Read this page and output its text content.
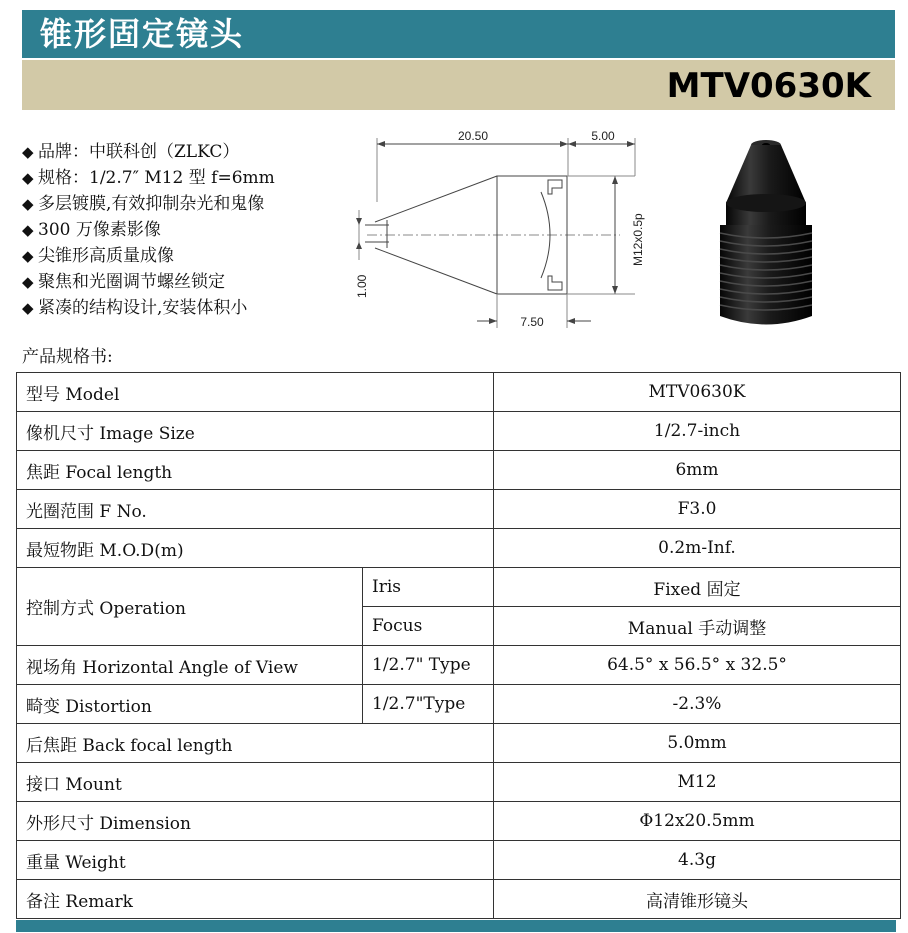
锥形固定镜头
MTV0630K
◆ 品牌：中联科创（ZLKC）
◆ 规格：1/2.7″ M12 型 f=6mm
◆ 多层镀膜,有效抑制杂光和鬼像
◆ 300 万像素影像
◆ 尖锥形高质量成像
◆ 聚焦和光圈调节螺丝锁定
◆ 紧凑的结构设计,安装体积小
20.50	5.00
1.00
M12x0.5p
7.50
产品规格书:
型号 Model		MTV0630K
像机尺寸 Image Size		1/2.7-inch
焦距 Focal length		6mm
光圈范围 F No.		F3.0
最短物距 M.O.D(m)		0.2m-Inf.
控制方式 Operation	Iris	Fixed 固定
	Focus	Manual 手动调整
视场角 Horizontal Angle of View	1/2.7" Type	64.5° x 56.5° x 32.5°
畸变 Distortion	1/2.7"Type	-2.3%
后焦距 Back focal length		5.0mm
接口 Mount		M12
外形尺寸 Dimension		Φ12x20.5mm
重量 Weight		4.3g
备注 Remark		高清锥形镜头
